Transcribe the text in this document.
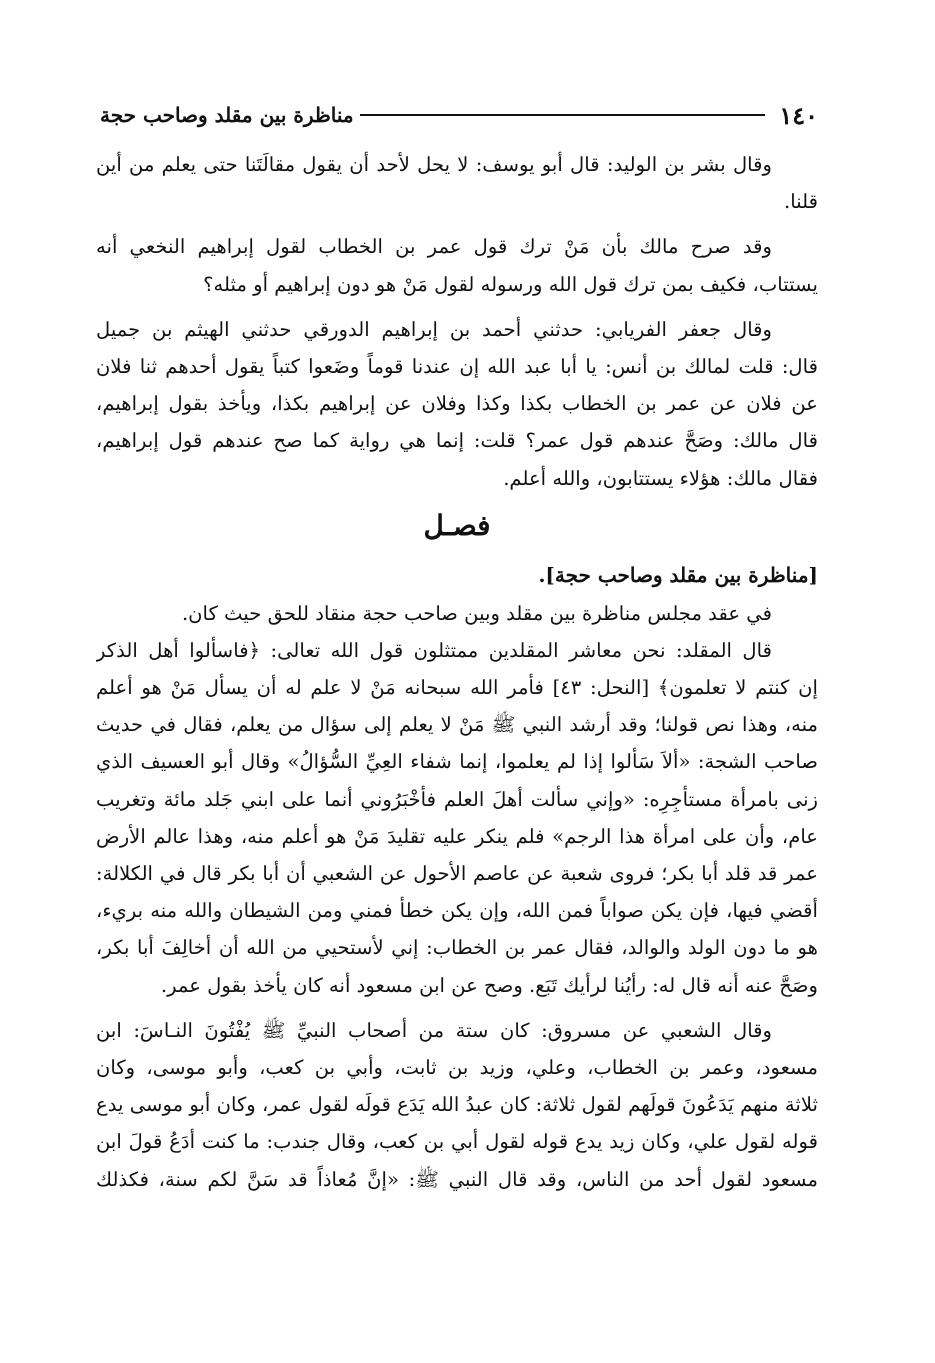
١٤٠
مناظرة بين مقلد وصاحب حجة
وقال بشر بن الوليد: قال أبو يوسف: لا يحل لأحد أن يقول مقالَتَنا حتى يعلم من أين
قلنا.
وقد صرح مالك بأن مَنْ ترك قول عمر بن الخطاب لقول إبراهيم النخعي أنه
يستتاب، فكيف بمن ترك قول الله ورسوله لقول مَنْ هو دون إبراهيم أو مثله؟
وقال جعفر الفريابي: حدثني أحمد بن إبراهيم الدورقي حدثني الهيثم بن جميل
قال: قلت لمالك بن أنس: يا أبا عبد الله إن عندنا قوماً وضَعوا كتباً يقول أحدهم ثنا فلان
عن فلان عن عمر بن الخطاب بكذا وكذا وفلان عن إبراهيم بكذا، ويأخذ بقول إبراهيم،
قال مالك: وصَحَّ عندهم قول عمر؟ قلت: إنما هي رواية كما صح عندهم قول إبراهيم،
فقال مالك: هؤلاء يستتابون، والله أعلم.
فصـل
[مناظرة بين مقلد وصاحب حجة].
في عقد مجلس مناظرة بين مقلد وبين صاحب حجة منقاد للحق حيث كان.
قال المقلد: نحن معاشر المقلدين ممتثلون قول الله تعالى: ﴿فاسألوا أهل الذكر
إن كنتم لا تعلمون﴾ [النحل: ٤٣] فأمر الله سبحانه مَنْ لا علم له أن يسأل مَنْ هو أعلم
منه، وهذا نص قولنا؛ وقد أرشد النبي ﷺ مَنْ لا يعلم إلى سؤال من يعلم، فقال في حديث
صاحب الشجة: «ألاَ سَألوا إذا لم يعلموا، إنما شفاء العِيِّ السُّؤالُ» وقال أبو العسيف الذي
زنى بامرأة مستأجِرِه: «وإني سألت أهلَ العلم فأخْبَرُوني أنما على ابني جَلد مائة وتغريب
عام، وأن على امرأة هذا الرجم» فلم ينكر عليه تقليدَ مَنْ هو أعلم منه، وهذا عالم الأرض
عمر قد قلد أبا بكر؛ فروى شعبة عن عاصم الأحول عن الشعبي أن أبا بكر قال في الكلالة:
أقضي فيها، فإن يكن صواباً فمن الله، وإن يكن خطأ فمني ومن الشيطان والله منه بريء،
هو ما دون الولد والوالد، فقال عمر بن الخطاب: إني لأستحيي من الله أن أخالِفَ أبا بكر،
وصَحَّ عنه أنه قال له: رأيُنا لرأيك تَبَع. وصح عن ابن مسعود أنه كان يأخذ بقول عمر.
وقال الشعبي عن مسروق: كان ستة من أصحاب النبيِّ ﷺ يُفْتُونَ النـاسَ: ابن
مسعود، وعمر بن الخطاب، وعلي، وزيد بن ثابت، وأبي بن كعب، وأبو موسى، وكان
ثلاثة منهم يَدَعُونَ قولَهم لقول ثلاثة: كان عبدُ الله يَدَع قولَه لقول عمر، وكان أبو موسى يدع
قوله لقول علي، وكان زيد يدع قوله لقول أبي بن كعب، وقال جندب: ما كنت أدَعُ قولَ ابن
مسعود لقول أحد من الناس، وقد قال النبي ﷺ: «إنَّ مُعاذاً قد سَنَّ لكم سنة، فكذلك
